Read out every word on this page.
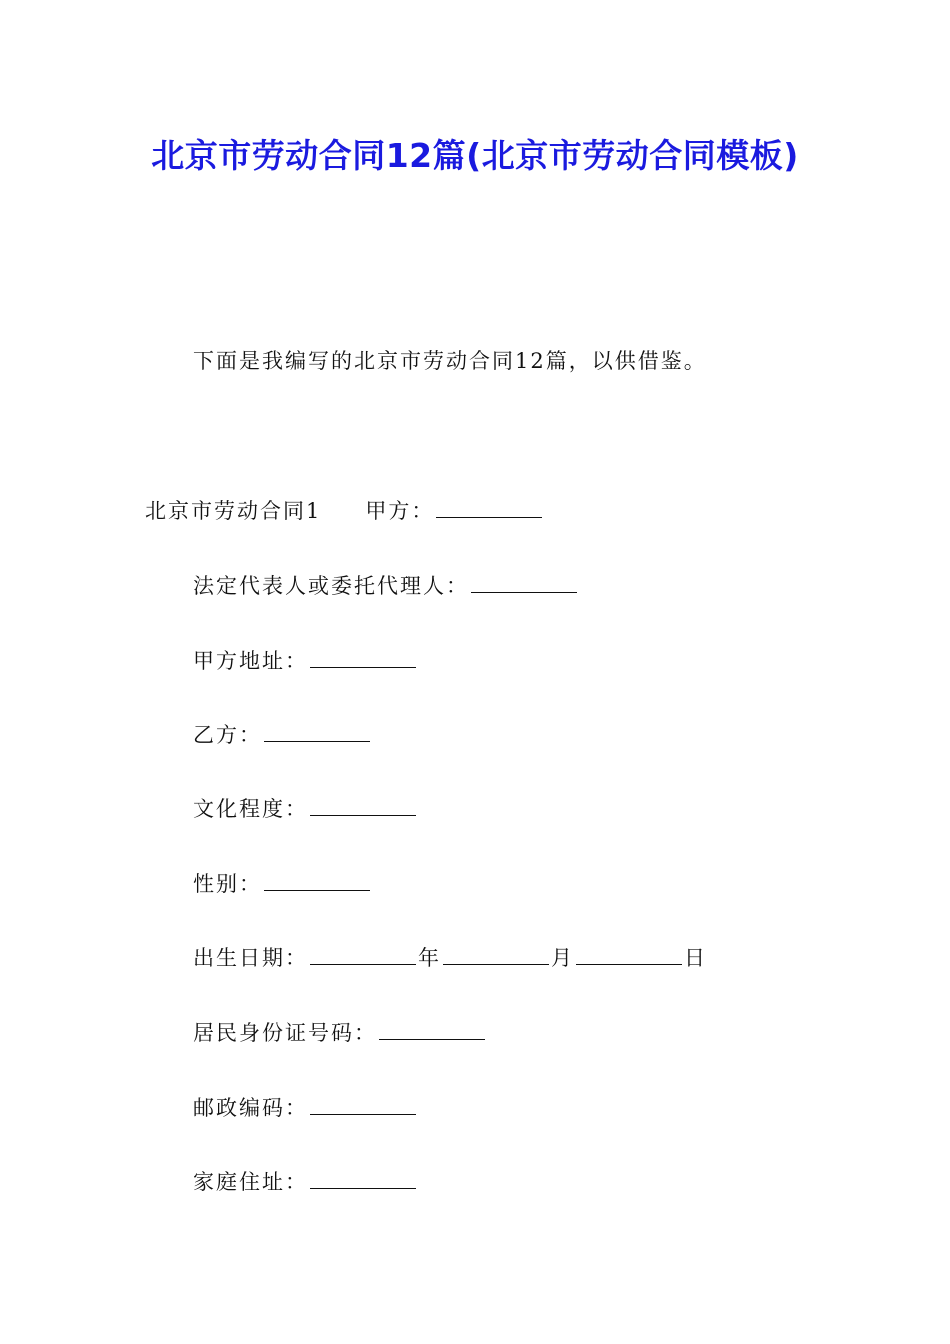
北京市劳动合同12篇(北京市劳动合同模板)
下面是我编写的北京市劳动合同12篇，以供借鉴。
北京市劳动合同1 甲方：
法定代表人或委托代理人：
甲方地址：
乙方：
文化程度：
性别：
出生日期：	年	月	日
居民身份证号码：
邮政编码：
家庭住址：
